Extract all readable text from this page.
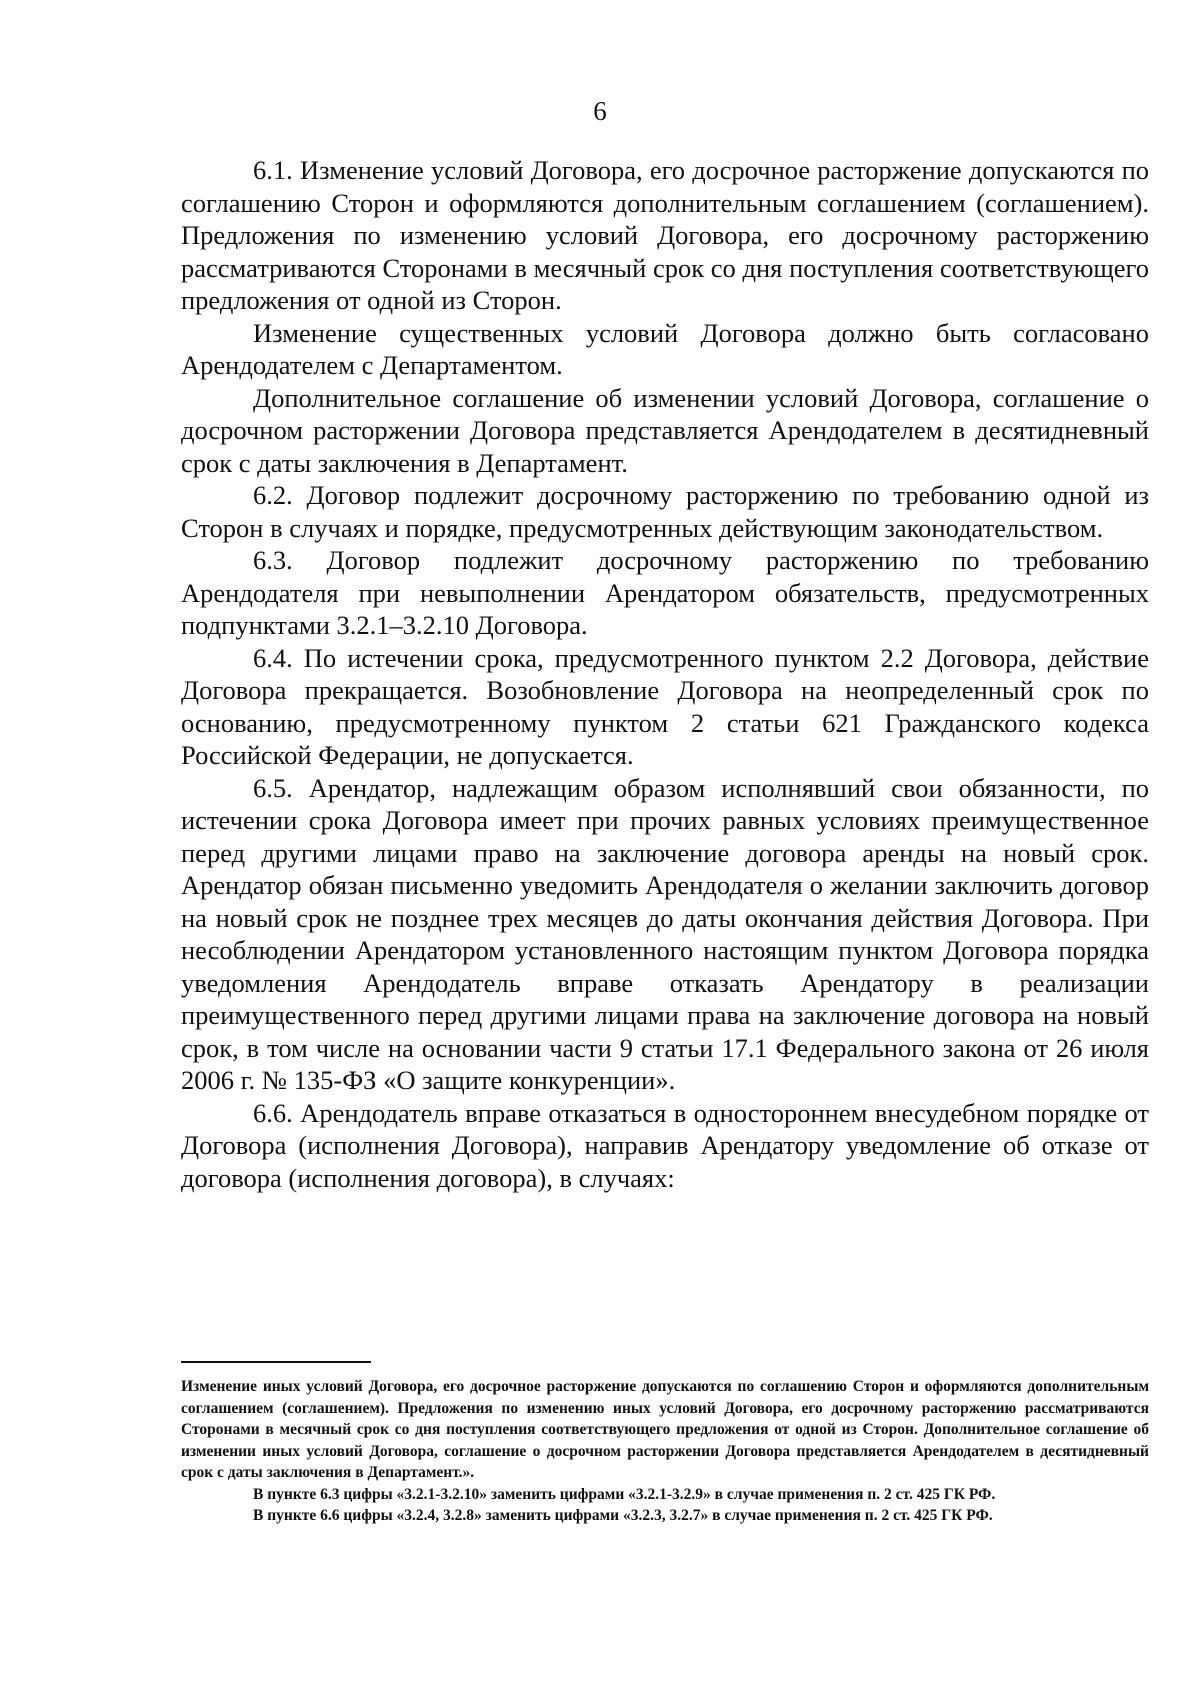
6

6.1. Изменение условий Договора, его досрочное расторжение допускаются по соглашению Сторон и оформляются дополнительным соглашением (соглашением). Предложения по изменению условий Договора, его досрочному расторжению рассматриваются Сторонами в месячный срок со дня поступления соответствующего предложения от одной из Сторон.

Изменение существенных условий Договора должно быть согласовано Арендодателем с Департаментом.

Дополнительное соглашение об изменении условий Договора, соглашение о досрочном расторжении Договора представляется Арендодателем в десятидневный срок с даты заключения в Департамент.

6.2. Договор подлежит досрочному расторжению по требованию одной из Сторон в случаях и порядке, предусмотренных действующим законодательством.

6.3. Договор подлежит досрочному расторжению по требованию Арендодателя при невыполнении Арендатором обязательств, предусмотренных подпунктами 3.2.1–3.2.10 Договора.

6.4. По истечении срока, предусмотренного пунктом 2.2 Договора, действие Договора прекращается. Возобновление Договора на неопределенный срок по основанию, предусмотренному пунктом 2 статьи 621 Гражданского кодекса Российской Федерации, не допускается.

6.5. Арендатор, надлежащим образом исполнявший свои обязанности, по истечении срока Договора имеет при прочих равных условиях преимущественное перед другими лицами право на заключение договора аренды на новый срок. Арендатор обязан письменно уведомить Арендодателя о желании заключить договор на новый срок не позднее трех месяцев до даты окончания действия Договора. При несоблюдении Арендатором установленного настоящим пунктом Договора порядка уведомления Арендодатель вправе отказать Арендатору в реализации преимущественного перед другими лицами права на заключение договора на новый срок, в том числе на основании части 9 статьи 17.1 Федерального закона от 26 июля 2006 г. № 135-ФЗ «О защите конкуренции».

6.6. Арендодатель вправе отказаться в одностороннем внесудебном порядке от Договора (исполнения Договора), направив Арендатору уведомление об отказе от договора (исполнения договора), в случаях:

Изменение иных условий Договора, его досрочное расторжение допускаются по соглашению Сторон и оформляются дополнительным соглашением (соглашением). Предложения по изменению иных условий Договора, его досрочному расторжению рассматриваются Сторонами в месячный срок со дня поступления соответствующего предложения от одной из Сторон. Дополнительное соглашение об изменении иных условий Договора, соглашение о досрочном расторжении Договора представляется Арендодателем в десятидневный срок с даты заключения в Департамент.».

В пункте 6.3 цифры «3.2.1-3.2.10» заменить цифрами «3.2.1-3.2.9» в случае применения п. 2 ст. 425 ГК РФ.

В пункте 6.6 цифры «3.2.4, 3.2.8» заменить цифрами «3.2.3, 3.2.7» в случае применения п. 2 ст. 425 ГК РФ.
